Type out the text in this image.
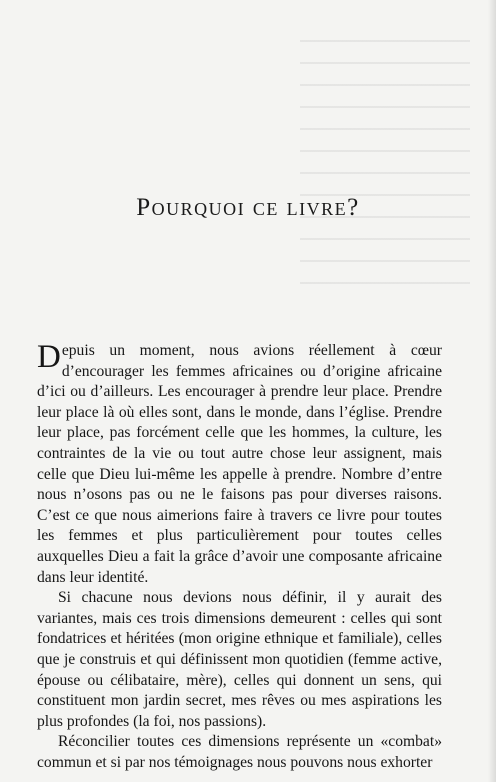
Pourquoi ce livre?

Depuis un moment, nous avions réellement à cœur d’encourager les femmes africaines ou d’origine africaine d’ici ou d’ailleurs. Les encourager à prendre leur place. Prendre leur place là où elles sont, dans le monde, dans l’église. Prendre leur place, pas forcément celle que les hommes, la culture, les contraintes de la vie ou tout autre chose leur assignent, mais celle que Dieu lui-même les appelle à prendre. Nombre d’entre nous n’osons pas ou ne le faisons pas pour diverses raisons. C’est ce que nous aimerions faire à travers ce livre pour toutes les femmes et plus particulièrement pour toutes celles auxquelles Dieu a fait la grâce d’avoir une composante africaine dans leur identité.

Si chacune nous devions nous définir, il y aurait des variantes, mais ces trois dimensions demeurent : celles qui sont fondatrices et héritées (mon origine ethnique et familiale), celles que je construis et qui définissent mon quotidien (femme active, épouse ou célibataire, mère), celles qui donnent un sens, qui constituent mon jardin secret, mes rêves ou mes aspirations les plus profondes (la foi, nos passions).

Réconcilier toutes ces dimensions représente un «combat» commun et si par nos témoignages nous pouvons nous exhorter
